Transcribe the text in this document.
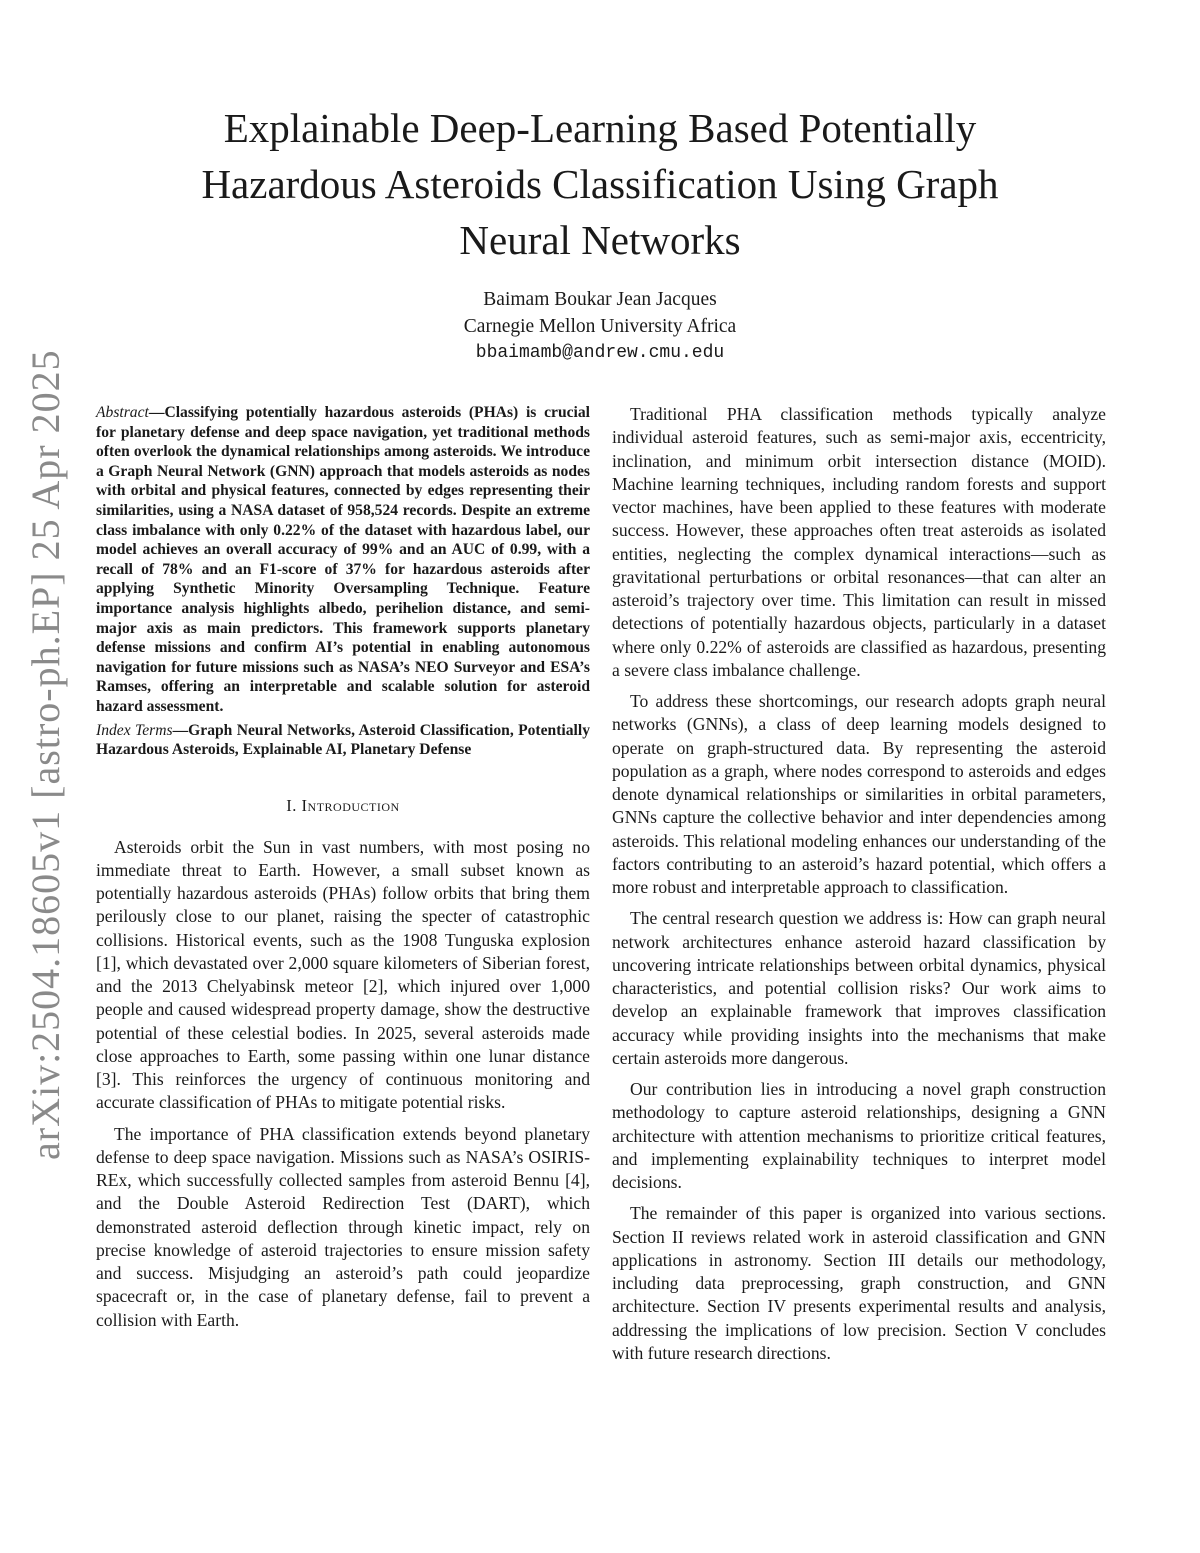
arXiv:2504.18605v1 [astro-ph.EP] 25 Apr 2025
Explainable Deep-Learning Based Potentially
Hazardous Asteroids Classification Using Graph
Neural Networks
Baimam Boukar Jean Jacques
Carnegie Mellon University Africa
bbaimamb@andrew.cmu.edu

Abstract—Classifying potentially hazardous asteroids (PHAs) is crucial for planetary defense and deep space navigation, yet traditional methods often overlook the dynamical relationships among asteroids. We introduce a Graph Neural Network (GNN) approach that models asteroids as nodes with orbital and physical features, connected by edges representing their similarities, using a NASA dataset of 958,524 records. Despite an extreme class imbalance with only 0.22% of the dataset with hazardous label, our model achieves an overall accuracy of 99% and an AUC of 0.99, with a recall of 78% and an F1-score of 37% for hazardous asteroids after applying Synthetic Minority Oversampling Technique. Feature importance analysis highlights albedo, perihelion distance, and semi-major axis as main predictors. This framework supports planetary defense missions and confirm AI’s potential in enabling autonomous navigation for future missions such as NASA’s NEO Surveyor and ESA’s Ramses, offering an interpretable and scalable solution for asteroid hazard assessment.

Index Terms—Graph Neural Networks, Asteroid Classification, Potentially Hazardous Asteroids, Explainable AI, Planetary Defense

I. Introduction

Asteroids orbit the Sun in vast numbers, with most posing no immediate threat to Earth. However, a small subset known as potentially hazardous asteroids (PHAs) follow orbits that bring them perilously close to our planet, raising the specter of catastrophic collisions. Historical events, such as the 1908 Tunguska explosion [1], which devastated over 2,000 square kilometers of Siberian forest, and the 2013 Chelyabinsk meteor [2], which injured over 1,000 people and caused widespread property damage, show the destructive potential of these celestial bodies. In 2025, several asteroids made close approaches to Earth, some passing within one lunar distance [3]. This reinforces the urgency of continuous monitoring and accurate classification of PHAs to mitigate potential risks.

The importance of PHA classification extends beyond planetary defense to deep space navigation. Missions such as NASA’s OSIRIS-REx, which successfully collected samples from asteroid Bennu [4], and the Double Asteroid Redirection Test (DART), which demonstrated asteroid deflection through kinetic impact, rely on precise knowledge of asteroid trajectories to ensure mission safety and success. Misjudging an asteroid’s path could jeopardize spacecraft or, in the case of planetary defense, fail to prevent a collision with Earth.

Traditional PHA classification methods typically analyze individual asteroid features, such as semi-major axis, eccentricity, inclination, and minimum orbit intersection distance (MOID). Machine learning techniques, including random forests and support vector machines, have been applied to these features with moderate success. However, these approaches often treat asteroids as isolated entities, neglecting the complex dynamical interactions—such as gravitational perturbations or orbital resonances—that can alter an asteroid’s trajectory over time. This limitation can result in missed detections of potentially hazardous objects, particularly in a dataset where only 0.22% of asteroids are classified as hazardous, presenting a severe class imbalance challenge.

To address these shortcomings, our research adopts graph neural networks (GNNs), a class of deep learning models designed to operate on graph-structured data. By representing the asteroid population as a graph, where nodes correspond to asteroids and edges denote dynamical relationships or similarities in orbital parameters, GNNs capture the collective behavior and inter dependencies among asteroids. This relational modeling enhances our understanding of the factors contributing to an asteroid’s hazard potential, which offers a more robust and interpretable approach to classification.

The central research question we address is: How can graph neural network architectures enhance asteroid hazard classification by uncovering intricate relationships between orbital dynamics, physical characteristics, and potential collision risks? Our work aims to develop an explainable framework that improves classification accuracy while providing insights into the mechanisms that make certain asteroids more dangerous.

Our contribution lies in introducing a novel graph construction methodology to capture asteroid relationships, designing a GNN architecture with attention mechanisms to prioritize critical features, and implementing explainability techniques to interpret model decisions.

The remainder of this paper is organized into various sections. Section II reviews related work in asteroid classification and GNN applications in astronomy. Section III details our methodology, including data preprocessing, graph construction, and GNN architecture. Section IV presents experimental results and analysis, addressing the implications of low precision. Section V concludes with future research directions.
